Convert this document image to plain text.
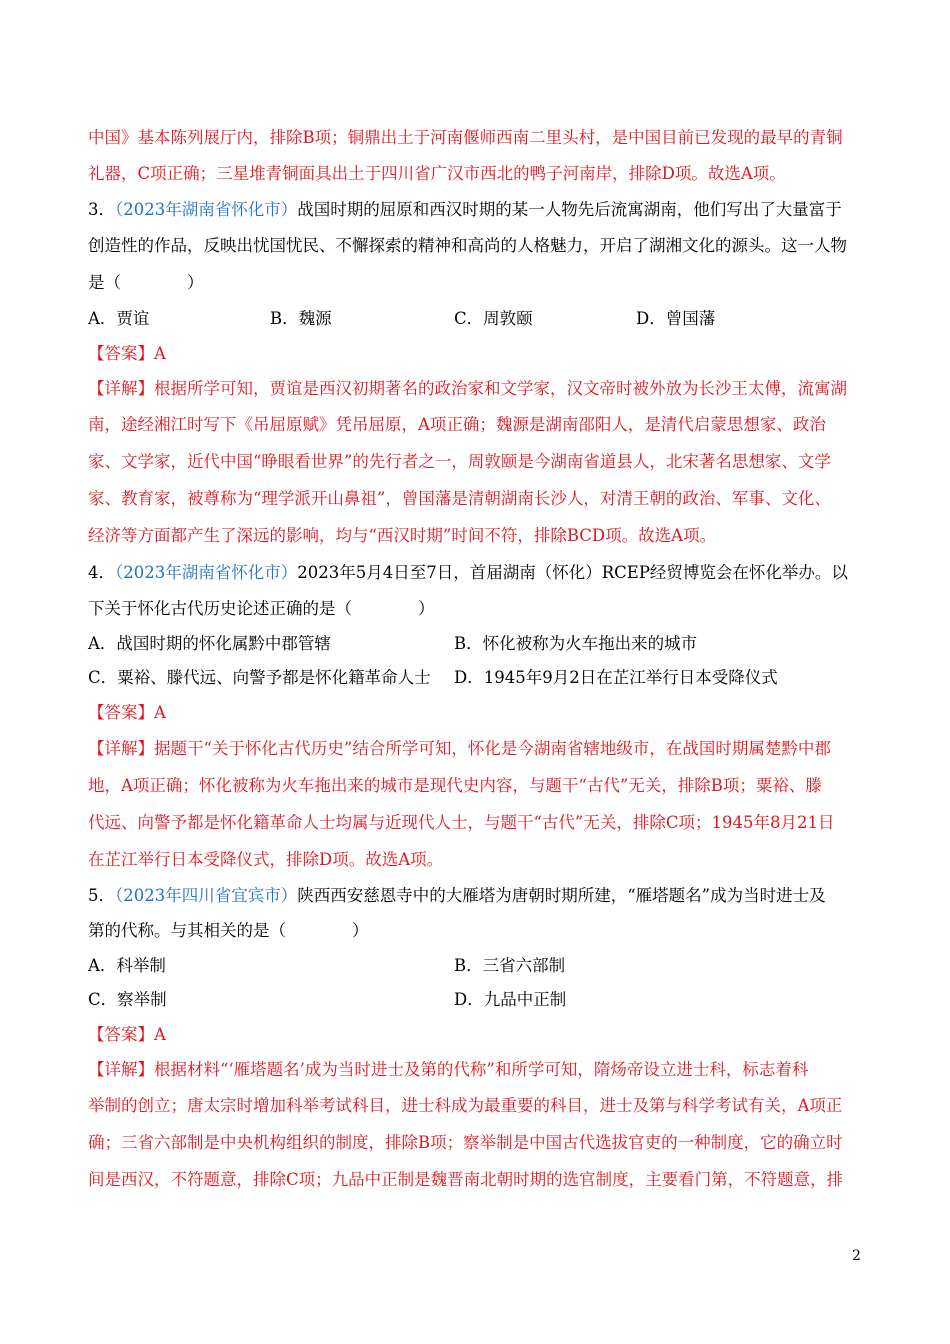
中国》基本陈列展厅内，排除B项；铜鼎出土于河南偃师西南二里头村，是中国目前已发现的最早的青铜
礼器，C项正确；三星堆青铜面具出土于四川省广汉市西北的鸭子河南岸，排除D项。故选A项。
3．（2023年湖南省怀化市）战国时期的屈原和西汉时期的某一人物先后流寓湖南，他们写出了大量富于
创造性的作品，反映出忧国忧民、不懈探索的精神和高尚的人格魅力，开启了湖湘文化的源头。这一人物
是（　　　　）
A．贾谊	B．魏源	C．周敦颐	D．曾国藩
【答案】A
【详解】根据所学可知，贾谊是西汉初期著名的政治家和文学家，汉文帝时被外放为长沙王太傅，流寓湖
南，途经湘江时写下《吊屈原赋》凭吊屈原，A项正确；魏源是湖南邵阳人，是清代启蒙思想家、政治
家、文学家，近代中国“睁眼看世界”的先行者之一，周敦颐是今湖南省道县人，北宋著名思想家、文学
家、教育家，被尊称为“理学派开山鼻祖”，曾国藩是清朝湖南长沙人，对清王朝的政治、军事、文化、
经济等方面都产生了深远的影响，均与“西汉时期”时间不符，排除BCD项。故选A项。
4．（2023年湖南省怀化市）2023年5月4日至7日，首届湖南（怀化）RCEP经贸博览会在怀化举办。以
下关于怀化古代历史论述正确的是（　　　　）
A．战国时期的怀化属黔中郡管辖	B．怀化被称为火车拖出来的城市
C．粟裕、滕代远、向警予都是怀化籍革命人士 D．1945年9月2日在芷江举行日本受降仪式
【答案】A
【详解】据题干“关于怀化古代历史”结合所学可知，怀化是今湖南省辖地级市，在战国时期属楚黔中郡
地，A项正确；怀化被称为火车拖出来的城市是现代史内容，与题干“古代”无关，排除B项；粟裕、滕
代远、向警予都是怀化籍革命人士均属与近现代人士，与题干“古代”无关，排除C项；1945年8月21日
在芷江举行日本受降仪式，排除D项。故选A项。
5．（2023年四川省宜宾市）陕西西安慈恩寺中的大雁塔为唐朝时期所建，“雁塔题名”成为当时进士及
第的代称。与其相关的是（　　　　）
A．科举制	B．三省六部制
C．察举制	D．九品中正制
【答案】A
【详解】根据材料“‘雁塔题名’成为当时进士及第的代称”和所学可知，隋炀帝设立进士科，标志着科
举制的创立；唐太宗时增加科举考试科目，进士科成为最重要的科目，进士及第与科学考试有关，A项正
确；三省六部制是中央机构组织的制度，排除B项；察举制是中国古代选拔官吏的一种制度，它的确立时
间是西汉，不符题意，排除C项；九品中正制是魏晋南北朝时期的选官制度，主要看门第，不符题意，排
2
